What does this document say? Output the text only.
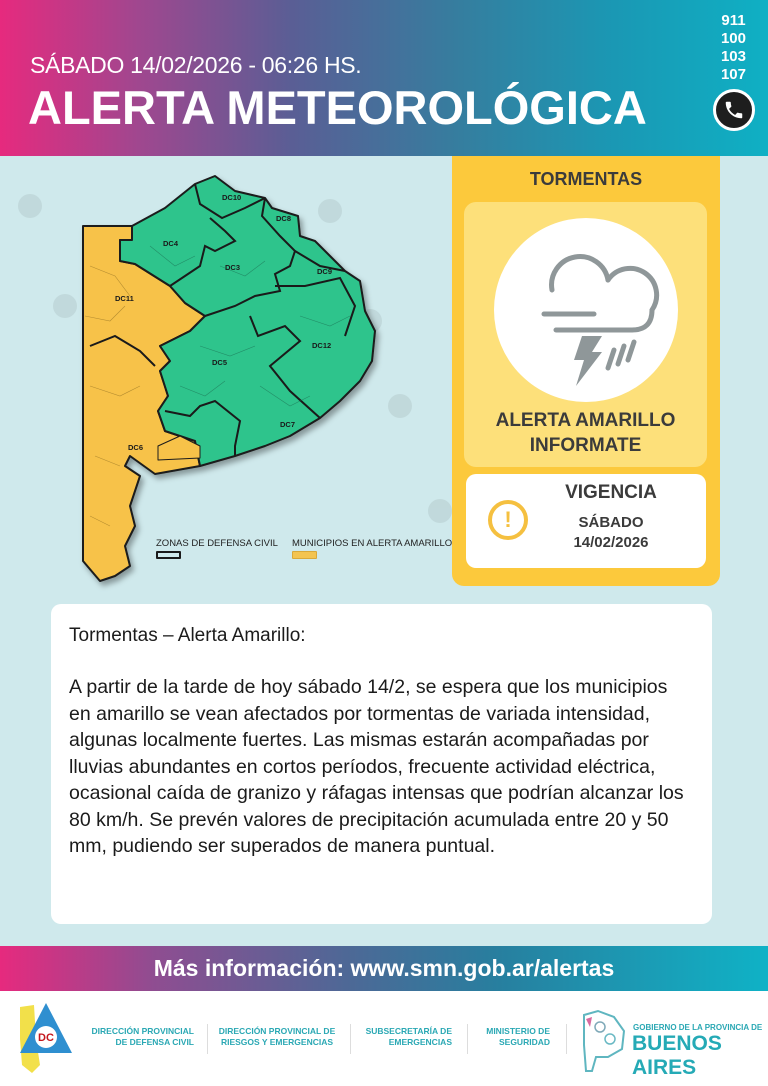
SÁBADO 14/02/2026 - 06:26 HS.
ALERTA METEOROLÓGICA
911
100
103
107
DC10
DC8
DC4
DC3	DC9
DC11
DC5
DC12
DC7
DC6
ZONAS DE DEFENSA CIVIL MUNICIPIOS EN ALERTA AMARILLO
TORMENTAS
ALERTA AMARILLO
INFORMATE
!
VIGENCIA
SÁBADO
14/02/2026
Tormentas – Alerta Amarillo:
A partir de la tarde de hoy sábado 14/2, se espera que los municipios en amarillo se vean afectados por tormentas de variada intensidad, algunas localmente fuertes. Las mismas estarán acompañadas por lluvias abundantes en cortos períodos, frecuente actividad eléctrica, ocasional caída de granizo y ráfagas intensas que podrían alcanzar los 80 km/h. Se prevén valores de precipitación acumulada entre 20 y 50 mm, pudiendo ser superados de manera puntual.
Más información: www.smn.gob.ar/alertas
DC
DIRECCIÓN PROVINCIAL
DE DEFENSA CIVIL
DIRECCIÓN PROVINCIAL DE
RIESGOS Y EMERGENCIAS
SUBSECRETARÍA DE
EMERGENCIAS
MINISTERIO DE
SEGURIDAD
GOBIERNO DE LA PROVINCIA DE
BUENOS AIRES
